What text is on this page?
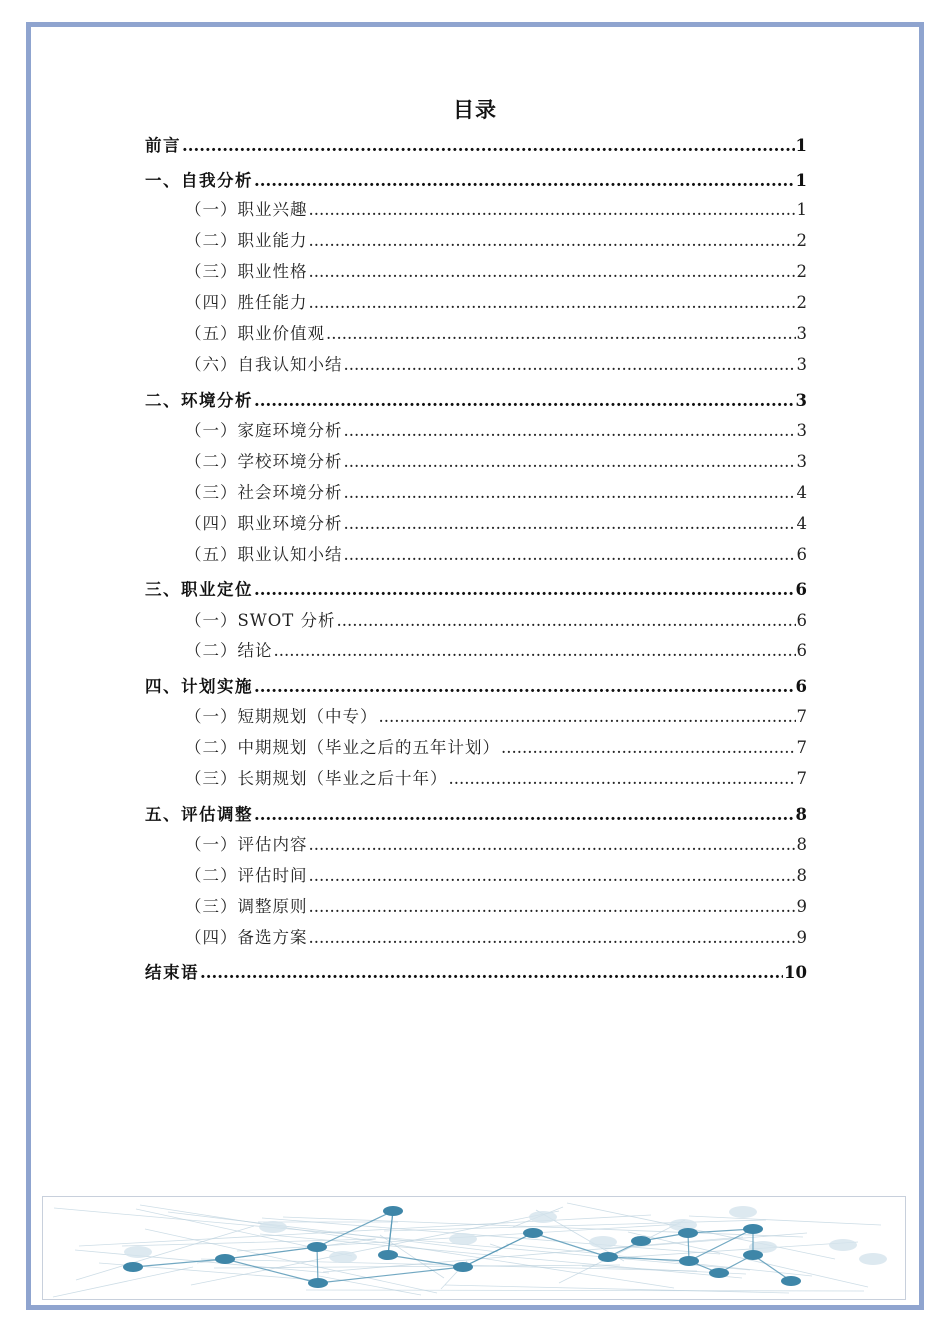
目录
前言 .....	1
一、自我分析 .....	1
（一）职业兴趣 .....	1
（二）职业能力 .....	2
（三）职业性格 .....	2
（四）胜任能力 .....	2
（五）职业价值观 .....	3
（六）自我认知小结 .....	3
二、环境分析 .....	3
（一）家庭环境分析 .....	3
（二）学校环境分析 .....	3
（三）社会环境分析 .....	4
（四）职业环境分析 .....	4
（五）职业认知小结 .....	6
三、职业定位 .....	6
（一）SWOT 分析 .....	6
（二）结论 .....	6
四、计划实施 .....	6
（一）短期规划（中专） .....	7
（二）中期规划（毕业之后的五年计划） .....	7
（三）长期规划（毕业之后十年） .....	7
五、评估调整 .....	8
（一）评估内容 .....	8
（二）评估时间 .....	8
（三）调整原则 .....	9
（四）备选方案 .....	9
结束语 .....	10
